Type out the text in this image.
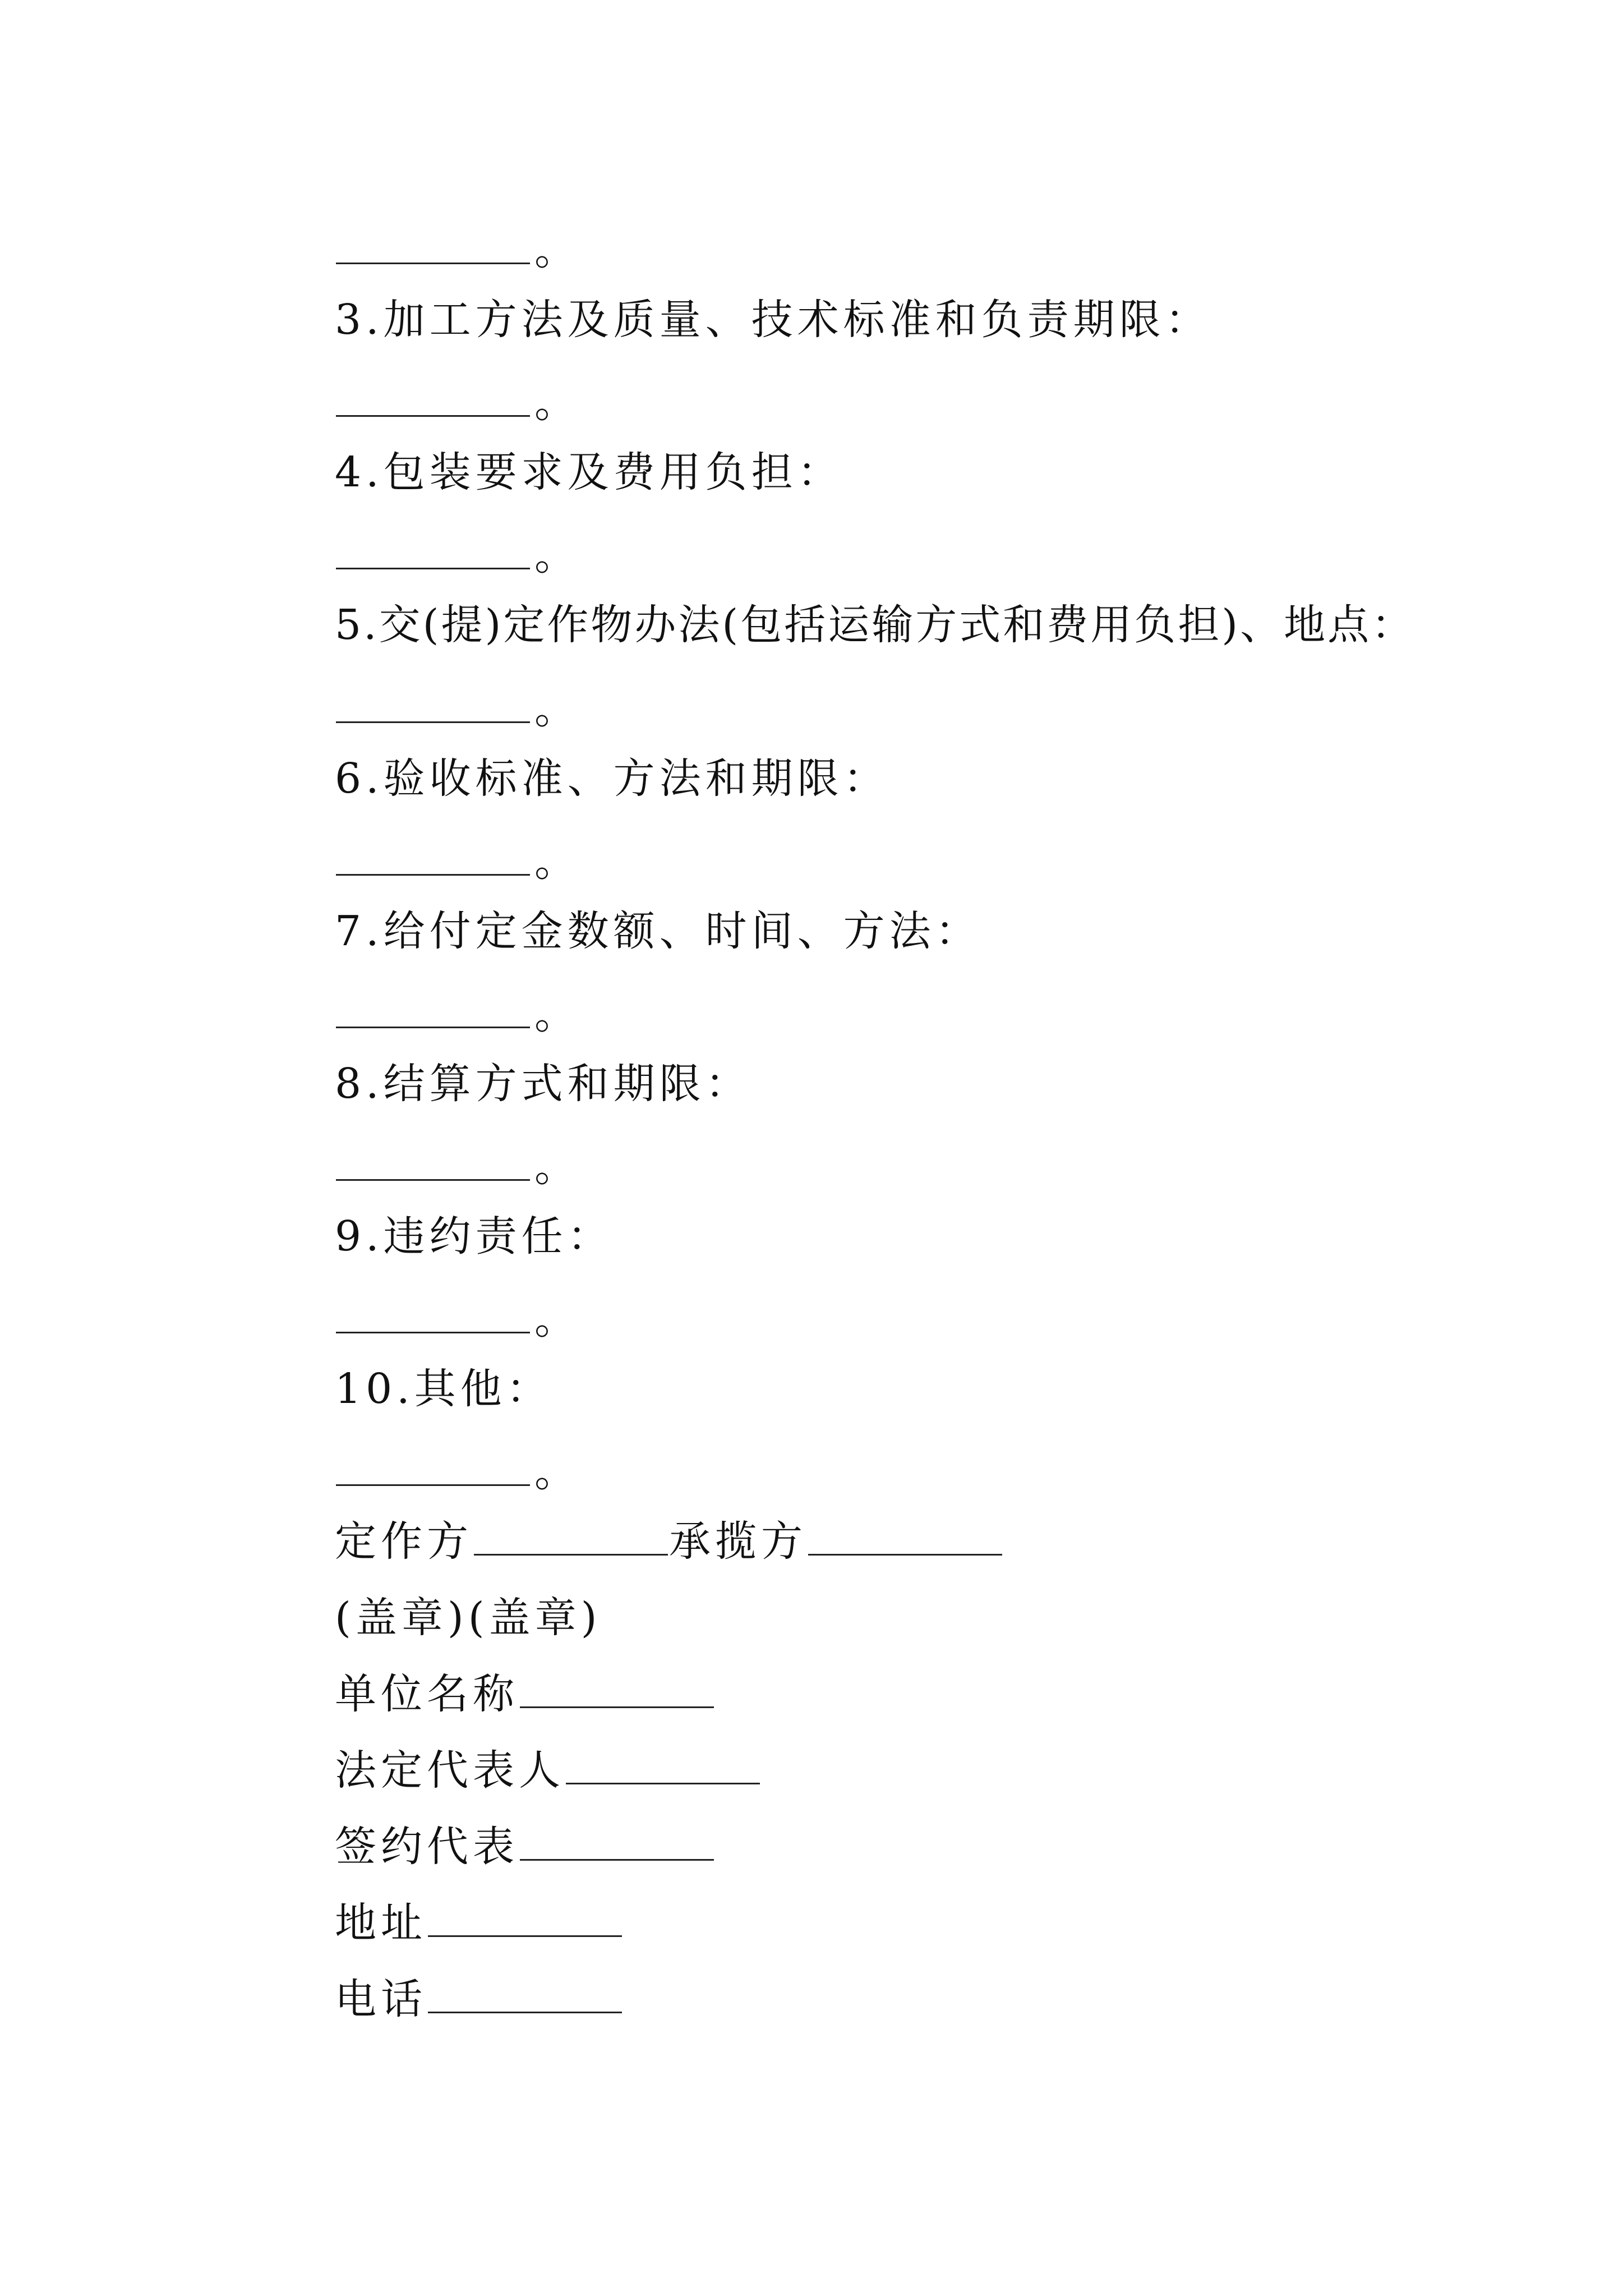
。
3.加工方法及质量、技术标准和负责期限：
。
4.包装要求及费用负担：
。
5.交(提)定作物办法(包括运输方式和费用负担)、地点：
。
6.验收标准、方法和期限：
。
7.给付定金数额、时间、方法：
。
8.结算方式和期限：
。
9.违约责任：
。
10.其他：
。
定作方	承揽方
(盖章)(盖章)
单位名称
法定代表人
签约代表
地址
电话
